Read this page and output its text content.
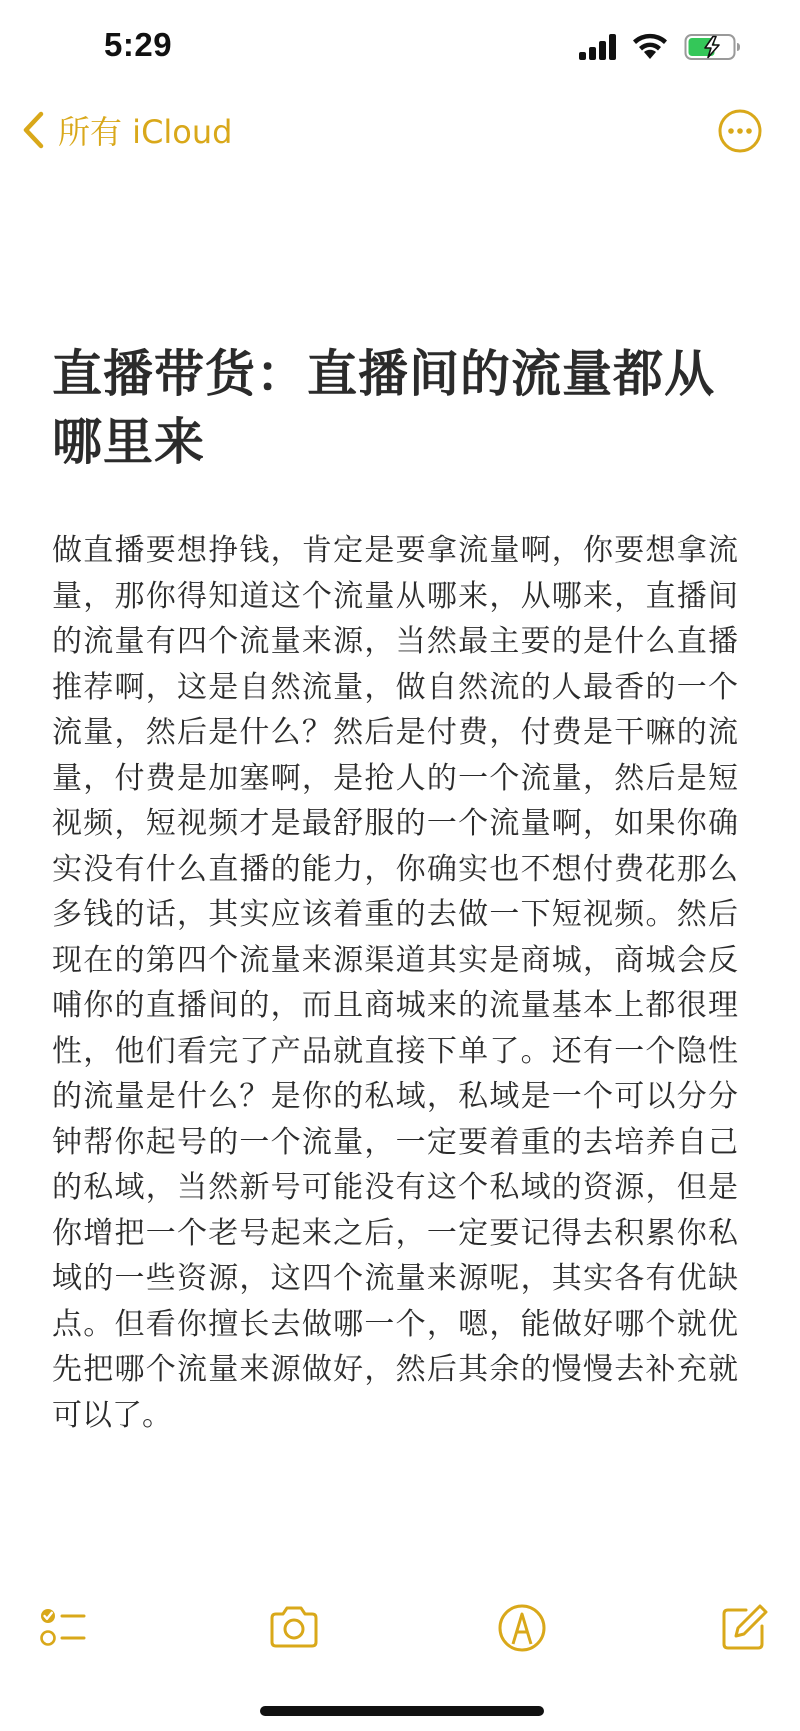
5:29
所有 iCloud
直播带货：直播间的流量都从哪里来

做直播要想挣钱，肯定是要拿流量啊，你要想拿流量，那你得知道这个流量从哪来，从哪来，直播间的流量有四个流量来源，当然最主要的是什么直播推荐啊，这是自然流量，做自然流的人最香的一个流量，然后是什么？然后是付费，付费是干嘛的流量，付费是加塞啊，是抢人的一个流量，然后是短视频，短视频才是最舒服的一个流量啊，如果你确实没有什么直播的能力，你确实也不想付费花那么多钱的话，其实应该着重的去做一下短视频。然后现在的第四个流量来源渠道其实是商城，商城会反哺你的直播间的，而且商城来的流量基本上都很理性，他们看完了产品就直接下单了。还有一个隐性的流量是什么？是你的私域，私域是一个可以分分钟帮你起号的一个流量，一定要着重的去培养自己的私域，当然新号可能没有这个私域的资源，但是你增把一个老号起来之后，一定要记得去积累你私域的一些资源，这四个流量来源呢，其实各有优缺点。但看你擅长去做哪一个，嗯，能做好哪个就优先把哪个流量来源做好，然后其余的慢慢去补充就可以了。
